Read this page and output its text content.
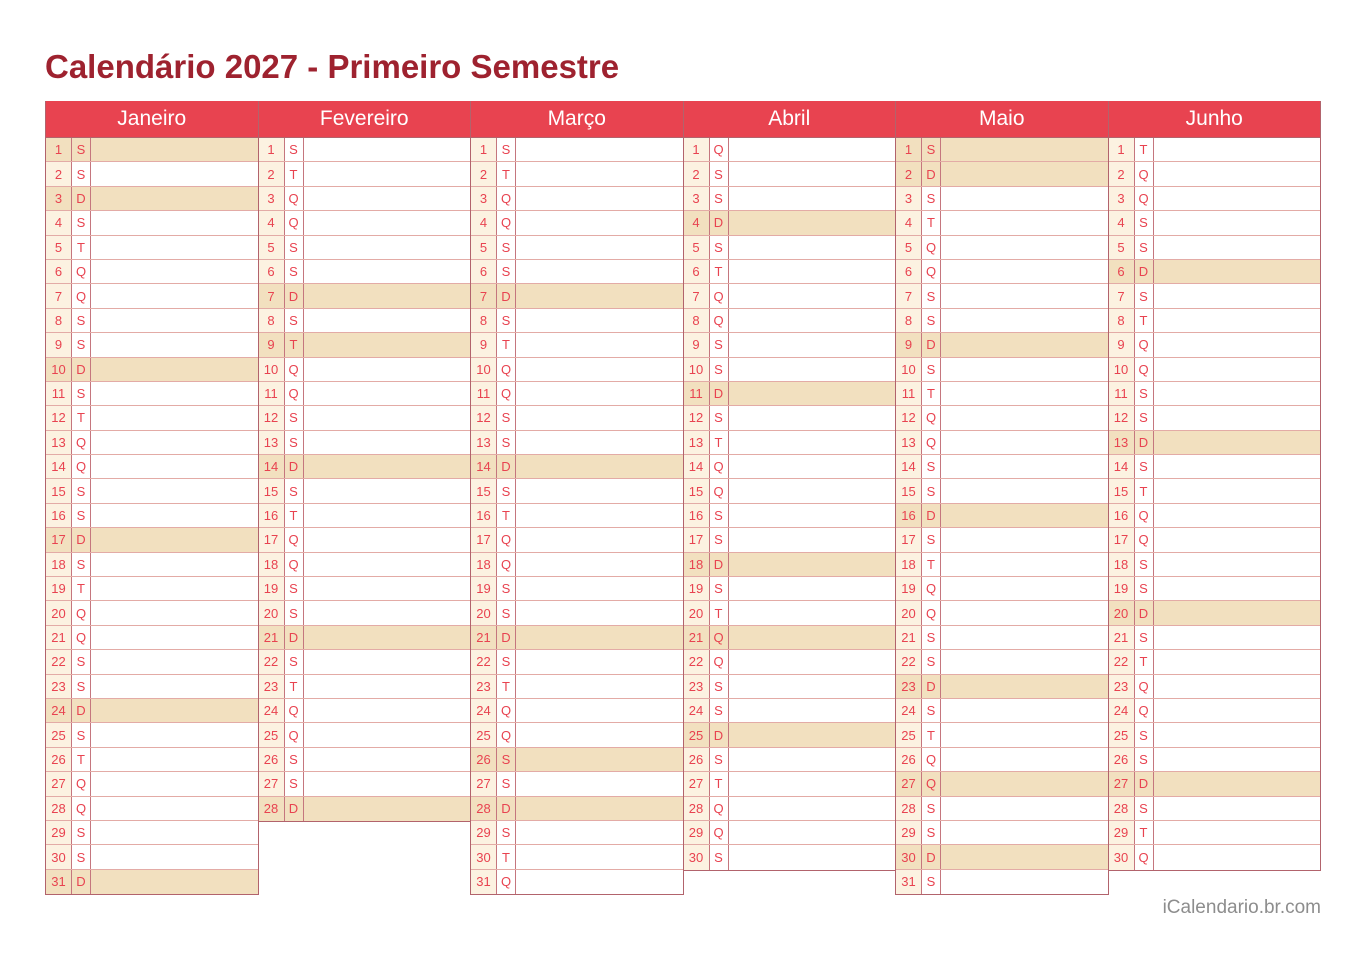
Calendário 2027 - Primeiro Semestre
Janeiro
1	S
2	S
3	D
4	S
5	T
6	Q
7	Q
8	S
9	S
10 D
11 S
12 T
13 Q
14 Q
15 S
16 S
17 D
18 S
19 T
20 Q
21 Q
22 S
23 S
24 D
25 S
26 T
27 Q
28 Q
29 S
30 S
31 D
Fevereiro
1	S
2	T
3	Q
4	Q
5	S
6	S
7	D
8	S
9	T
10 Q
11 Q
12 S
13 S
14 D
15 S
16 T
17 Q
18 Q
19 S
20 S
21 D
22 S
23 T
24 Q
25 Q
26 S
27 S
28 D
Março
1	S
2	T
3	Q
4	Q
5	S
6	S
7	D
8	S
9	T
10 Q
11 Q
12 S
13 S
14 D
15 S
16 T
17 Q
18 Q
19 S
20 S
21 D
22 S
23 T
24 Q
25 Q
26 S
27 S
28 D
29 S
30 T
31 Q
Abril
1	Q
2	S
3	S
4	D
5	S
6	T
7	Q
8	Q
9	S
10 S
11 D
12 S
13 T
14 Q
15 Q
16 S
17 S
18 D
19 S
20 T
21 Q
22 Q
23 S
24 S
25 D
26 S
27 T
28 Q
29 Q
30 S
Maio
1	S
2	D
3	S
4	T
5	Q
6	Q
7	S
8	S
9	D
10 S
11 T
12 Q
13 Q
14 S
15 S
16 D
17 S
18 T
19 Q
20 Q
21 S
22 S
23 D
24 S
25 T
26 Q
27 Q
28 S
29 S
30 D
31 S
Junho
1	T
2	Q
3	Q
4	S
5	S
6	D
7	S
8	T
9	Q
10 Q
11 S
12 S
13 D
14 S
15 T
16 Q
17 Q
18 S
19 S
20 D
21 S
22 T
23 Q
24 Q
25 S
26 S
27 D
28 S
29 T
30 Q
iCalendario.br.com
